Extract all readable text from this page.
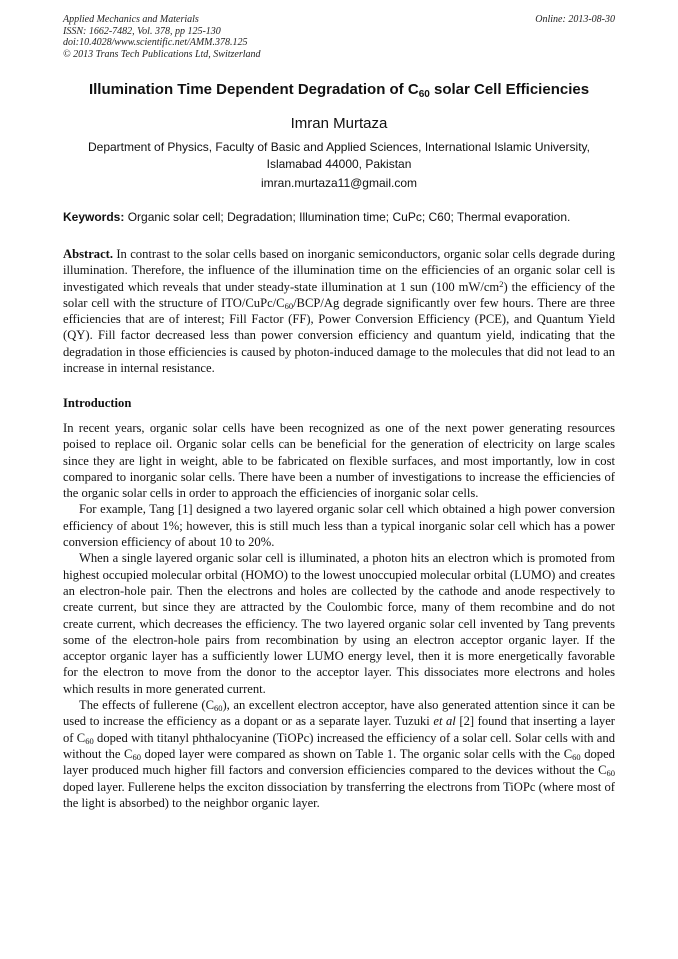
Applied Mechanics and Materials
ISSN: 1662-7482, Vol. 378, pp 125-130
doi:10.4028/www.scientific.net/AMM.378.125
© 2013 Trans Tech Publications Ltd, Switzerland
Online: 2013-08-30
Illumination Time Dependent Degradation of $C_{60}$ solar Cell Efficiencies
Imran Murtaza
Department of Physics, Faculty of Basic and Applied Sciences, International Islamic University,
Islamabad 44000, Pakistan
imran.murtaza11@gmail.com
Keywords: Organic solar cell; Degradation; Illumination time; CuPc; C60; Thermal evaporation.
Abstract. In contrast to the solar cells based on inorganic semiconductors, organic solar cells degrade during illumination. Therefore, the influence of the illumination time on the efficiencies of an organic solar cell is investigated which reveals that under steady-state illumination at 1 sun (100 $mW/cm^2$) the efficiency of the solar cell with the structure of ITO/$CuPc/C_{60}/BCP/Ag$ degrade significantly over few hours. There are three efficiencies that are of interest; Fill Factor (FF), Power Conversion Efficiency (PCE), and Quantum Yield (QY). Fill factor decreased less than power conversion efficiency and quantum yield, indicating that the degradation in those efficiencies is caused by photon-induced damage to the molecules that did not lead to an increase in internal resistance.
Introduction

In recent years, organic solar cells have been recognized as one of the next power generating resources poised to replace oil. Organic solar cells can be beneficial for the generation of electricity on large scales since they are light in weight, able to be fabricated on flexible surfaces, and most importantly, low in cost compared to inorganic solar cells. There have been a number of investigations to increase the efficiencies of the organic solar cells in order to approach the efficiencies of inorganic solar cells.

For example, Tang [1] designed a two layered organic solar cell which obtained a high power conversion efficiency of about 1%; however, this is still much less than a typical inorganic solar cell which has a power conversion efficiency of about 10 to 20%.

When a single layered organic solar cell is illuminated, a photon hits an electron which is promoted from highest occupied molecular orbital (HOMO) to the lowest unoccupied molecular orbital (LUMO) and creates an electron-hole pair. Then the electrons and holes are collected by the cathode and anode respectively to create current, but since they are attracted by the Coulombic force, many of them recombine and do not create current, which decreases the efficiency. The two layered organic solar cell invented by Tang prevents some of the electron-hole pairs from recombination by using an electron acceptor organic layer. If the acceptor organic layer has a sufficiently lower LUMO energy level, then it is more energetically favorable for the electron to move from the donor to the acceptor layer. This dissociates more electrons and holes which results in more generated current.

The effects of fullerene $(C_{60})$, an excellent electron acceptor, have also generated attention since it can be used to increase the efficiency as a dopant or as a separate layer. Tuzuki et al [2] found that inserting a layer of $C_{60}$ doped with titanyl phthalocyanine (TiOPc) increased the efficiency of a solar cell. Solar cells with and without the $C_{60}$ doped layer were compared as shown on Table 1. The organic solar cells with the $C_{60}$ doped layer produced much higher fill factors and conversion efficiencies compared to the devices without the $C_{60}$ doped layer. Fullerene helps the exciton dissociation by transferring the electrons from TiOPc (where most of the light is absorbed) to the neighbor organic layer.
